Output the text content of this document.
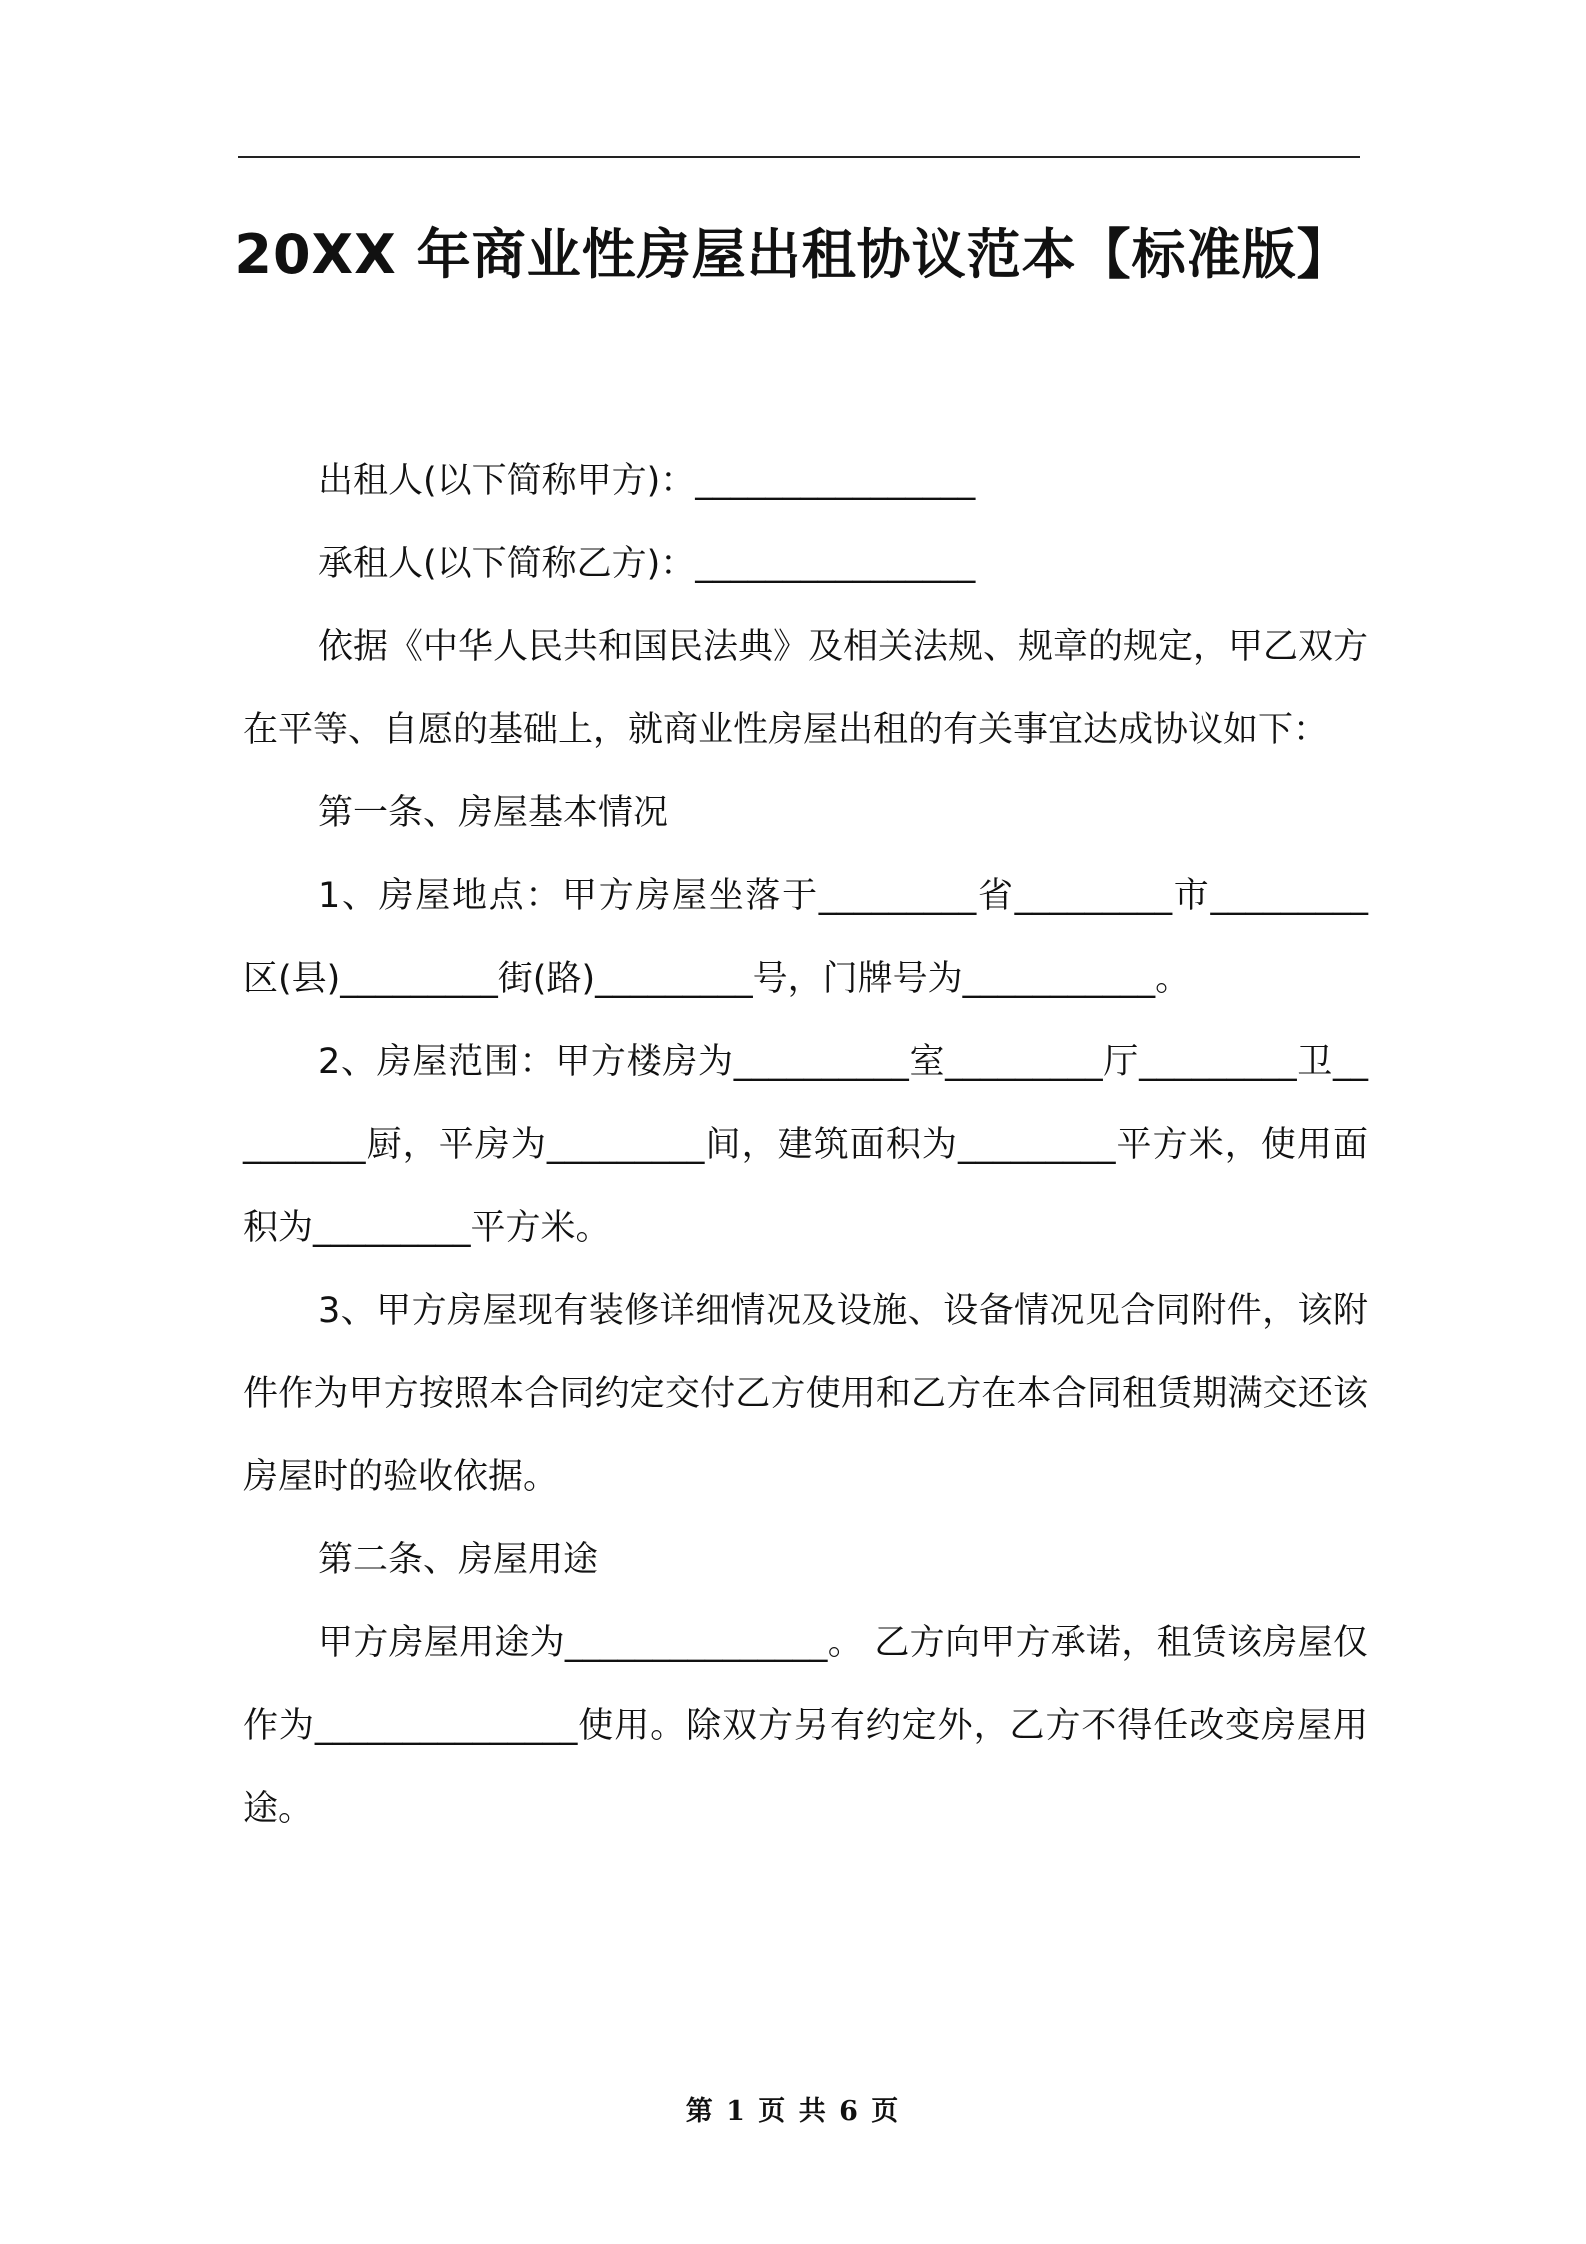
20XX 年商业性房屋出租协议范本【标准版】

出租人(以下简称甲方)：________________

承租人(以下简称乙方)：________________

依据《中华人民共和国民法典》及相关法规、规章的规定，甲乙双方在平等、自愿的基础上，就商业性房屋出租的有关事宜达成协议如下：

第一条、房屋基本情况

1、房屋地点：甲方房屋坐落于_________省_________市_________区(县)_________街(路)_________号，门牌号为___________。

2、房屋范围：甲方楼房为__________室_________厅_________卫_________厨，平房为_________间，建筑面积为_________平方米，使用面积为_________平方米。

3、甲方房屋现有装修详细情况及设施、设备情况见合同附件，该附件作为甲方按照本合同约定交付乙方使用和乙方在本合同租赁期满交还该房屋时的验收依据。

第二条、房屋用途

甲方房屋用途为_______________。 乙方向甲方承诺，租赁该房屋仅作为_______________使用。除双方另有约定外，乙方不得任改变房屋用途。

第 1 页 共 6 页
